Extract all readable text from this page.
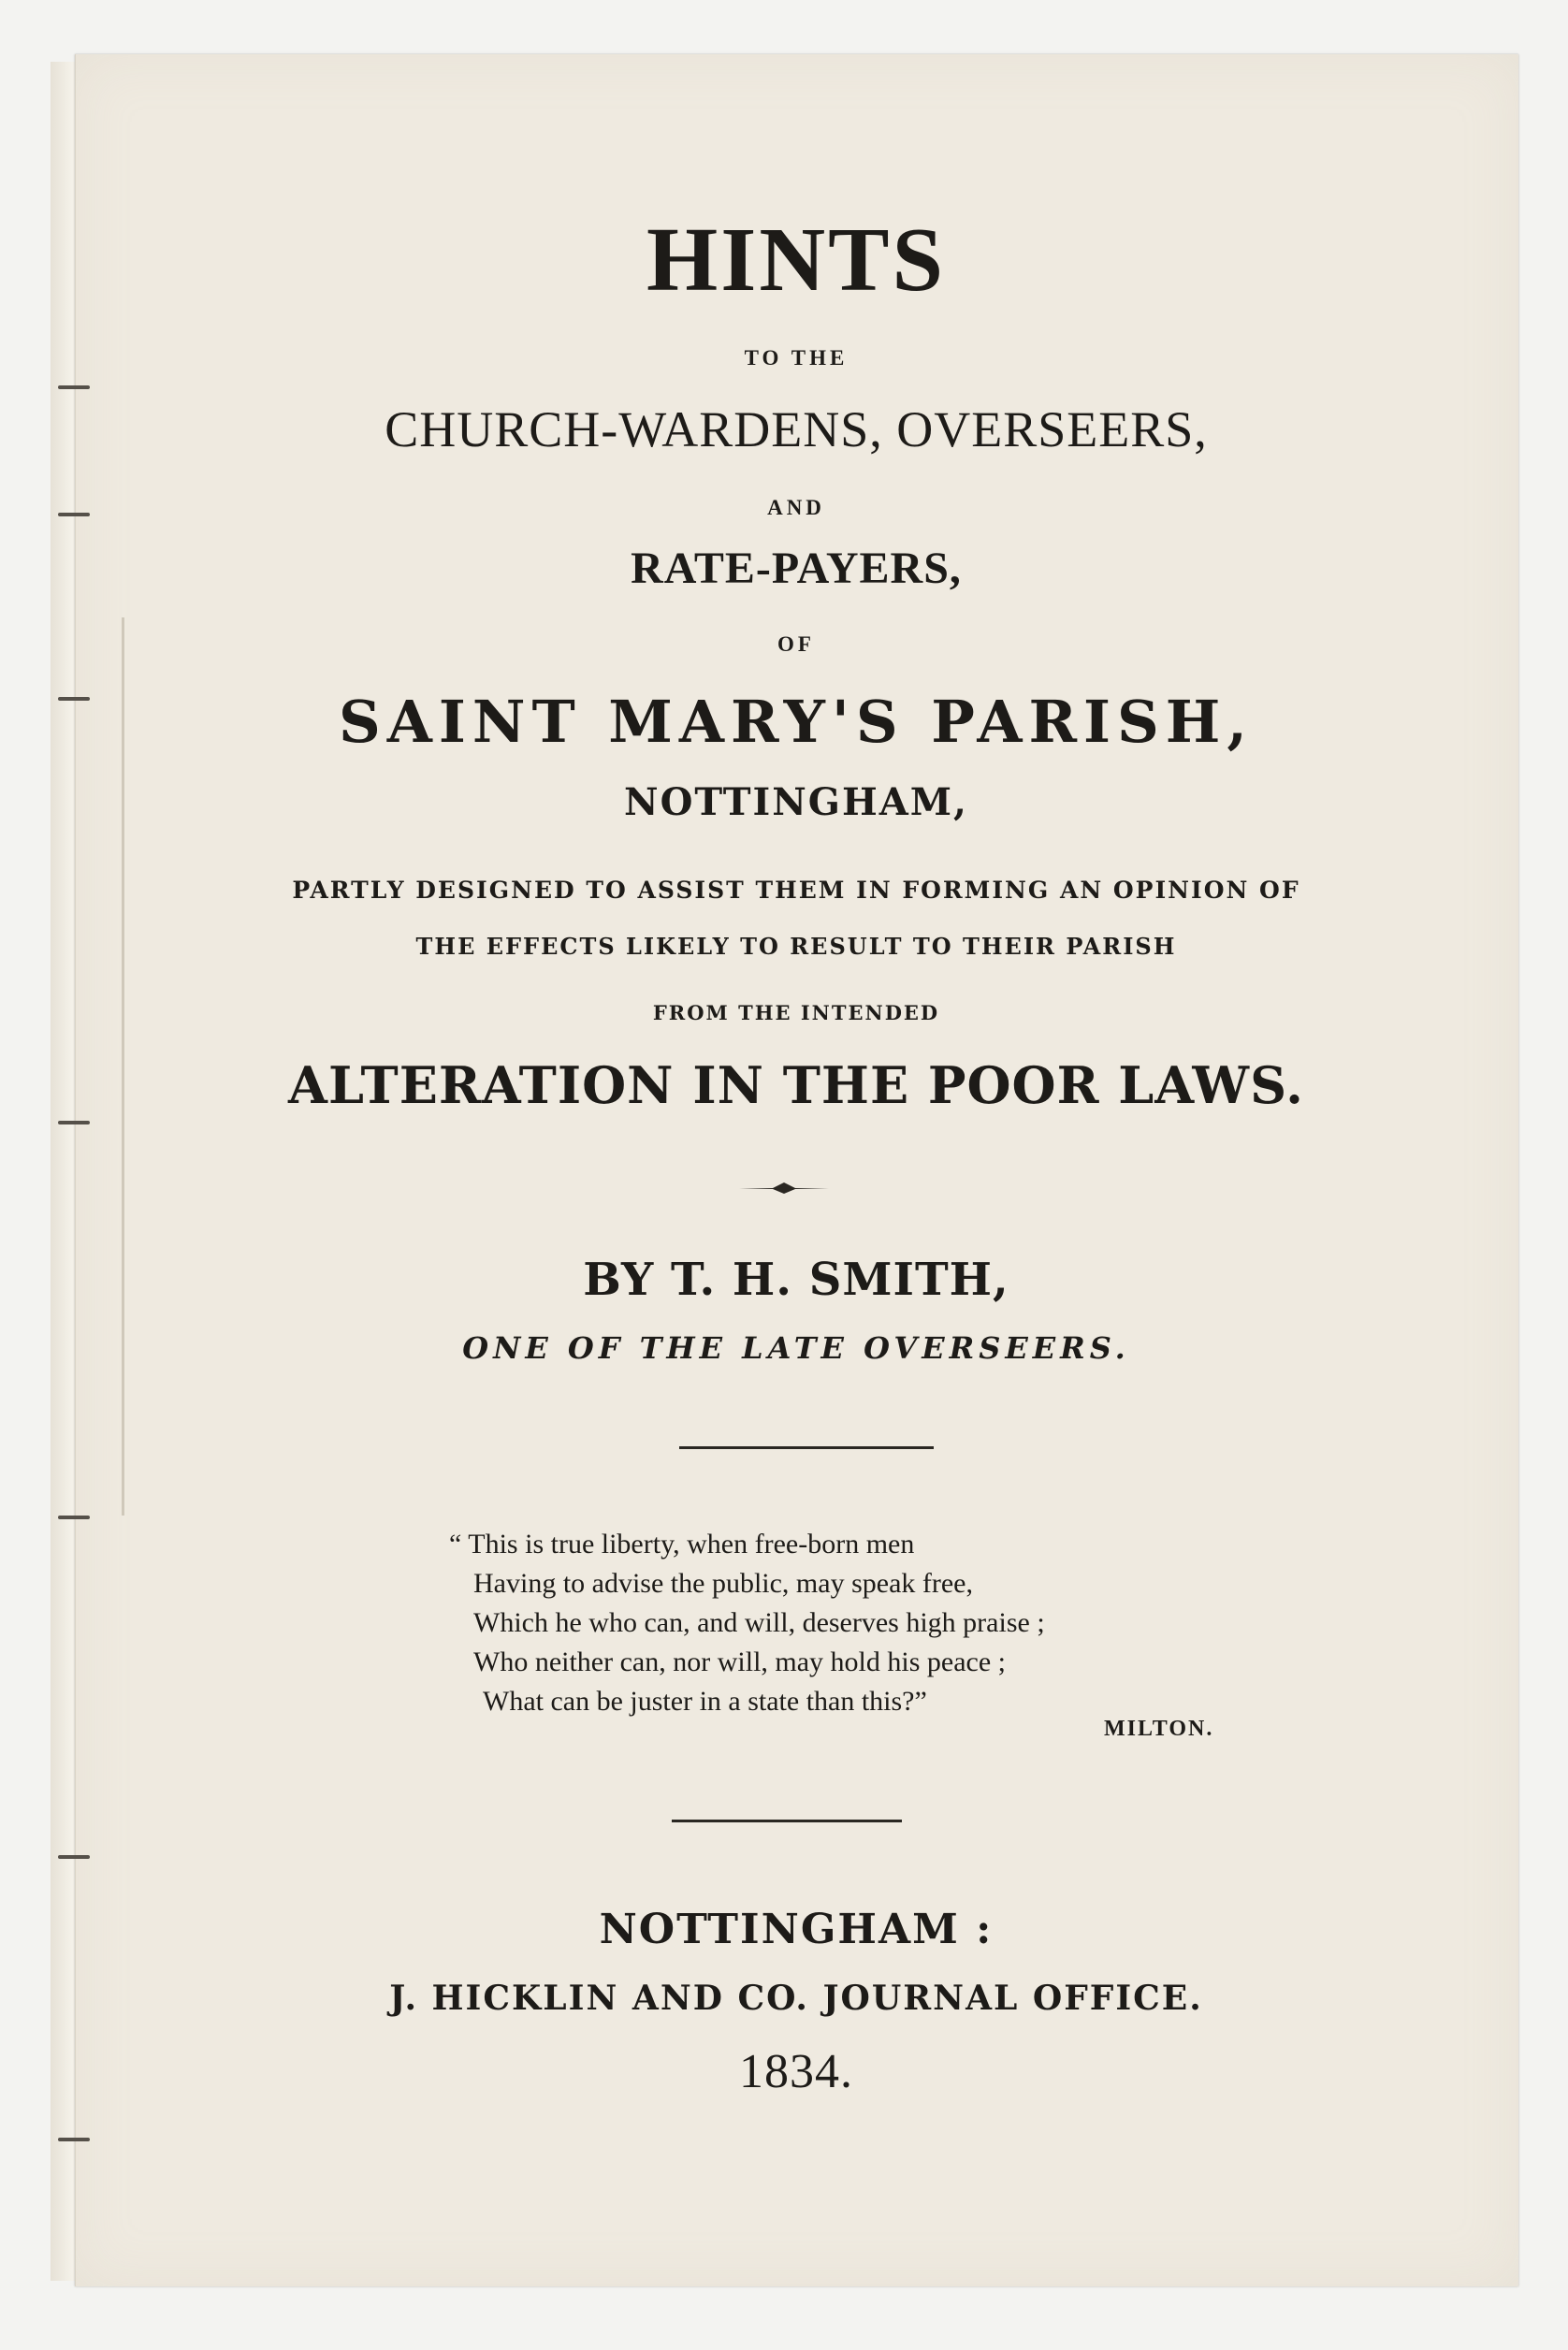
HINTS
TO THE
CHURCH-WARDENS, OVERSEERS,
AND
RATE-PAYERS,
OF
SAINT MARY'S PARISH,
NOTTINGHAM,
PARTLY DESIGNED TO ASSIST THEM IN FORMING AN OPINION OF
THE EFFECTS LIKELY TO RESULT TO THEIR PARISH
FROM THE INTENDED
ALTERATION IN THE POOR LAWS.
BY T. H. SMITH,
ONE OF THE LATE OVERSEERS.
“ This is true liberty, when free-born men
Having to advise the public, may speak free,
Which he who can, and will, deserves high praise ;
Who neither can, nor will, may hold his peace ;
What can be juster in a state than this?”
MILTON.
NOTTINGHAM :
J. HICKLIN AND CO. JOURNAL OFFICE.
1834.
